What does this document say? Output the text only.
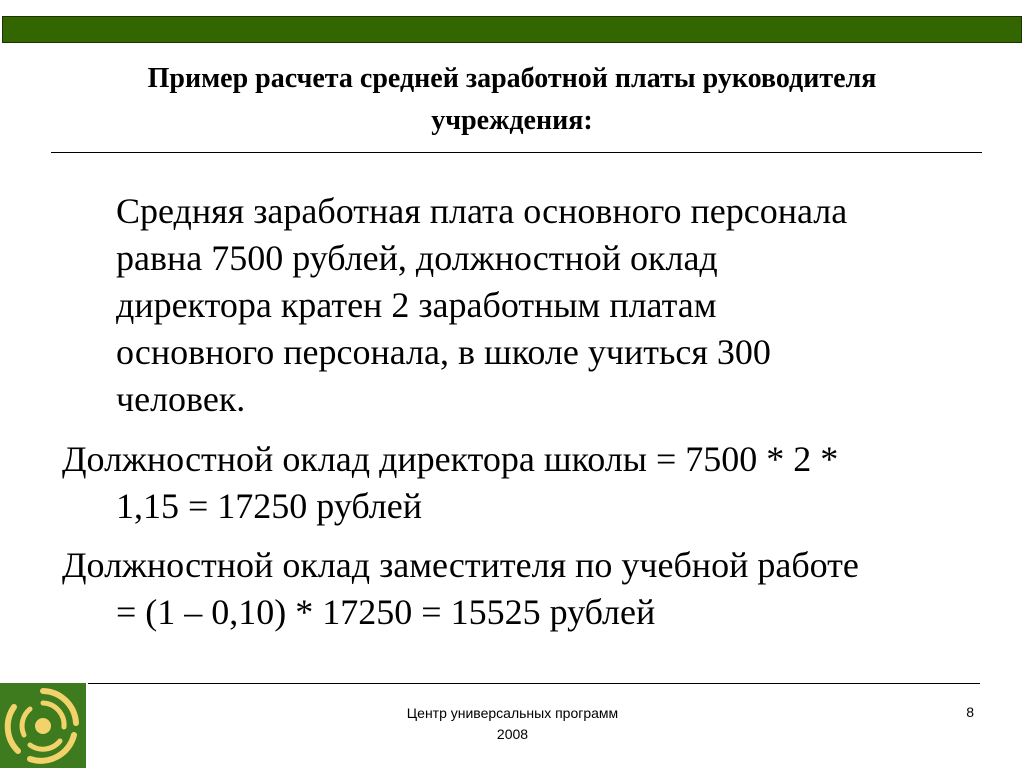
Пример расчета средней заработной платы руководителя
учреждения:

Средняя заработная плата основного персонала
равна 7500 рублей, должностной оклад
директора кратен 2 заработным платам
основного персонала, в школе учиться 300
человек.

Должностной оклад директора школы = 7500 * 2 *
1,15 = 17250 рублей

Должностной оклад заместителя по учебной работе
= (1 – 0,10) * 17250 = 15525 рублей

Центр универсальных программ
2008
8
